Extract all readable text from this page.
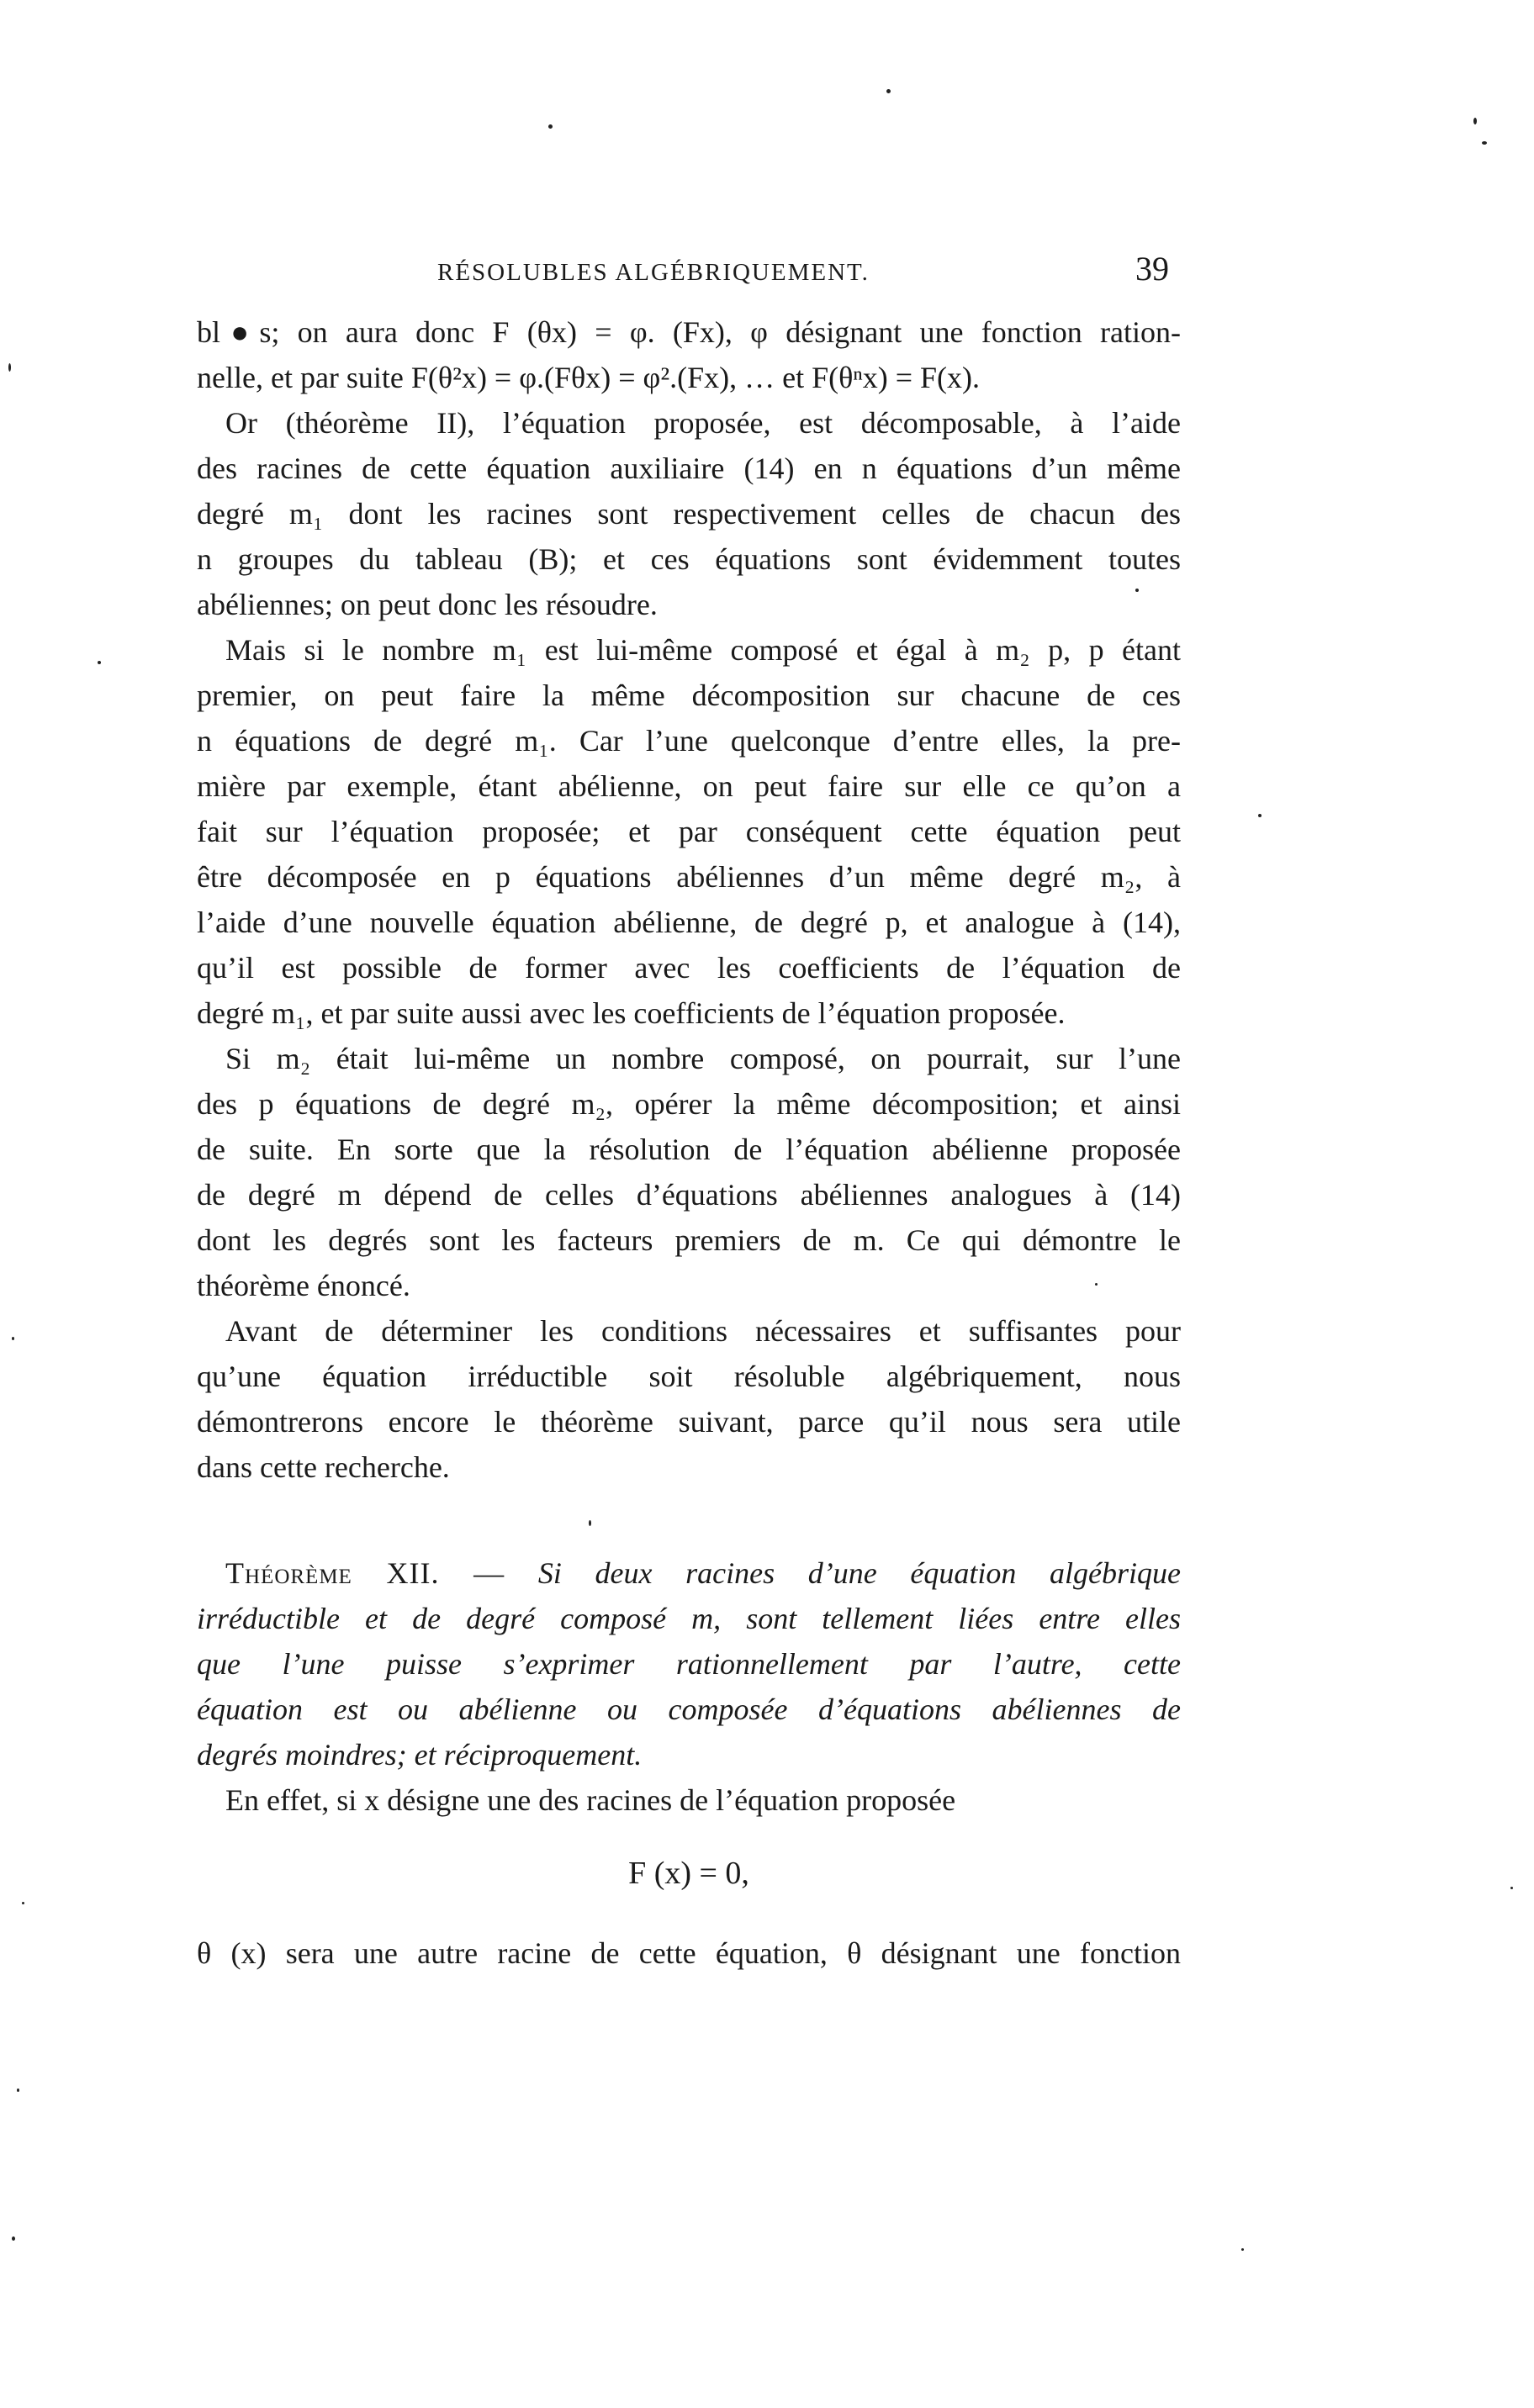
RÉSOLUBLES ALGÉBRIQUEMENT.	39
bl●s; on aura donc F (θx) = φ. (Fx), φ désignant une fonction ration-
nelle, et par suite F(θ²x) = φ.(Fθx) = φ².(Fx), … et F(θⁿx) = F(x).
Or (théorème II), l’équation proposée, est décomposable, à l’aide
des racines de cette équation auxiliaire (14) en n équations d’un même
degré m₁ dont les racines sont respectivement celles de chacun des
n groupes du tableau (B); et ces équations sont évidemment toutes
abéliennes; on peut donc les résoudre.
Mais si le nombre m₁ est lui-même composé et égal à m₂ p, p étant
premier, on peut faire la même décomposition sur chacune de ces
n équations de degré m₁. Car l’une quelconque d’entre elles, la pre-
mière par exemple, étant abélienne, on peut faire sur elle ce qu’on a
fait sur l’équation proposée; et par conséquent cette équation peut
être décomposée en p équations abéliennes d’un même degré m₂, à
l’aide d’une nouvelle équation abélienne, de degré p, et analogue à (14),
qu’il est possible de former avec les coefficients de l’équation de
degré m₁, et par suite aussi avec les coefficients de l’équation proposée.
Si m₂ était lui-même un nombre composé, on pourrait, sur l’une
des p équations de degré m₂, opérer la même décomposition; et ainsi
de suite. En sorte que la résolution de l’équation abélienne proposée
de degré m dépend de celles d’équations abéliennes analogues à (14)
dont les degrés sont les facteurs premiers de m. Ce qui démontre le
théorème énoncé.
Avant de déterminer les conditions nécessaires et suffisantes pour
qu’une équation irréductible soit résoluble algébriquement, nous
démontrerons encore le théorème suivant, parce qu’il nous sera utile
dans cette recherche.
Théorème XII. — Si deux racines d’une équation algébrique
irréductible et de degré composé m, sont tellement liées entre elles
que l’une puisse s’exprimer rationnellement par l’autre, cette
équation est ou abélienne ou composée d’équations abéliennes de
degrés moindres; et réciproquement.
En effet, si x désigne une des racines de l’équation proposée
F (x) = 0,
θ (x) sera une autre racine de cette équation, θ désignant une fonction
